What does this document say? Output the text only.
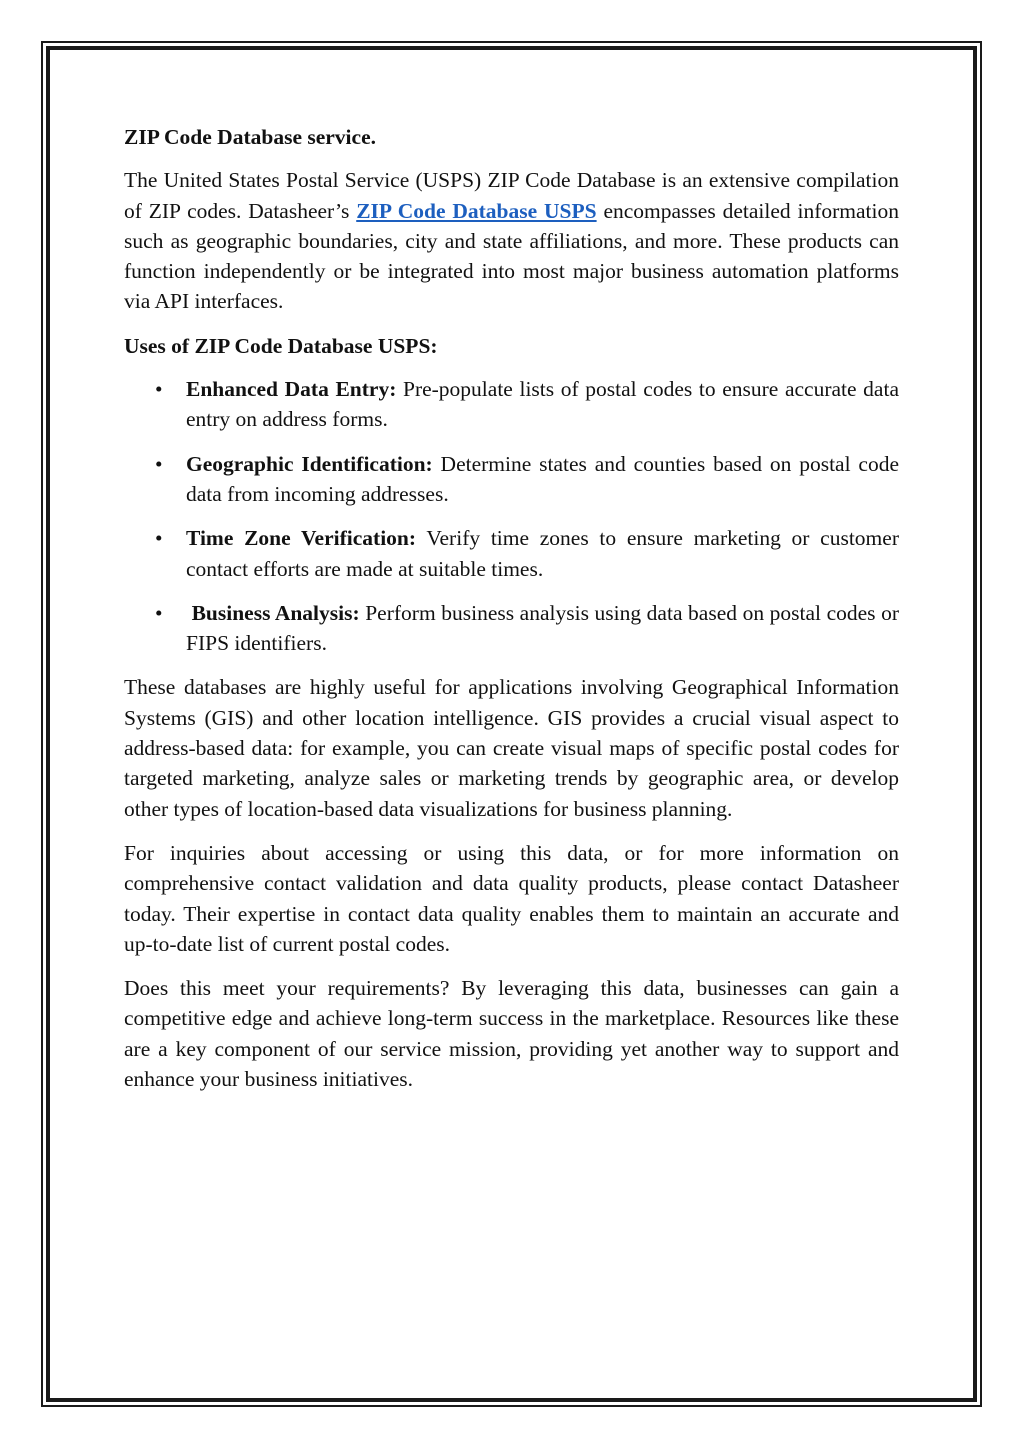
ZIP Code Database service.

The United States Postal Service (USPS) ZIP Code Database is an extensive compilation of ZIP codes. Datasheer’s ZIP Code Database USPS encompasses detailed information such as geographic boundaries, city and state affiliations, and more. These products can function independently or be integrated into most major business automation platforms via API interfaces.

Uses of ZIP Code Database USPS:

• Enhanced Data Entry: Pre-populate lists of postal codes to ensure accurate data entry on address forms.
• Geographic Identification: Determine states and counties based on postal code data from incoming addresses.
• Time Zone Verification: Verify time zones to ensure marketing or customer contact efforts are made at suitable times.
• Business Analysis: Perform business analysis using data based on postal codes or FIPS identifiers.

These databases are highly useful for applications involving Geographical Information Systems (GIS) and other location intelligence. GIS provides a crucial visual aspect to address-based data: for example, you can create visual maps of specific postal codes for targeted marketing, analyze sales or marketing trends by geographic area, or develop other types of location-based data visualizations for business planning.

For inquiries about accessing or using this data, or for more information on comprehensive contact validation and data quality products, please contact Datasheer today. Their expertise in contact data quality enables them to maintain an accurate and up-to-date list of current postal codes.

Does this meet your requirements? By leveraging this data, businesses can gain a competitive edge and achieve long-term success in the marketplace. Resources like these are a key component of our service mission, providing yet another way to support and enhance your business initiatives.
